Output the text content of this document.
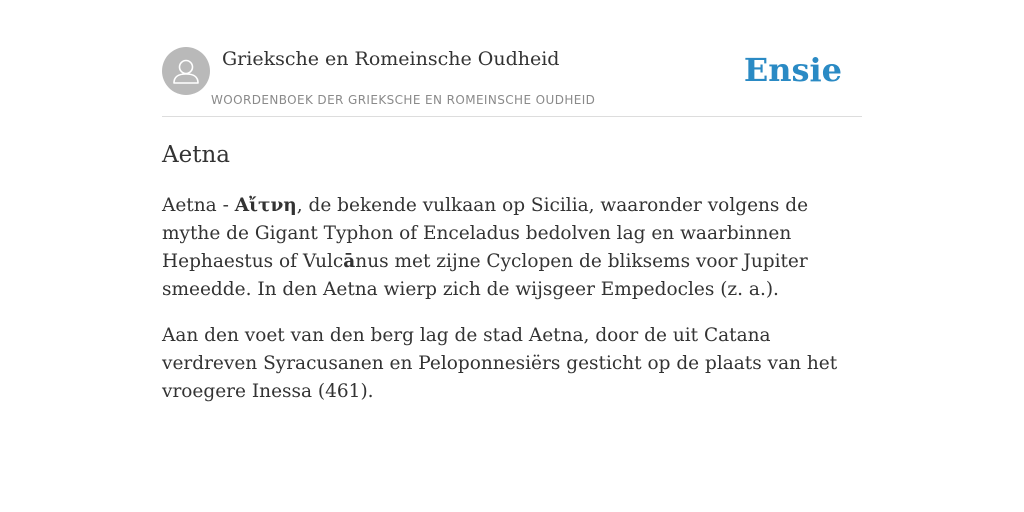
Grieksche en Romeinsche Oudheid
WOORDENBOEK DER GRIEKSCHE EN ROMEINSCHE OUDHEID
Ensie
Aetna

Aetna - Αἴτνη, de bekende vulkaan op Sicilia, waaronder volgens de mythe de Gigant Typhon of Enceladus bedolven lag en waarbinnen Hephaestus of Vulcānus met zijne Cyclopen de bliksems voor Jupiter smeedde. In den Aetna wierp zich de wijsgeer Empedocles (z. a.).

Aan den voet van den berg lag de stad Aetna, door de uit Catana verdreven Syracusanen en Peloponnesiërs gesticht op de plaats van het vroegere Inessa (461).
